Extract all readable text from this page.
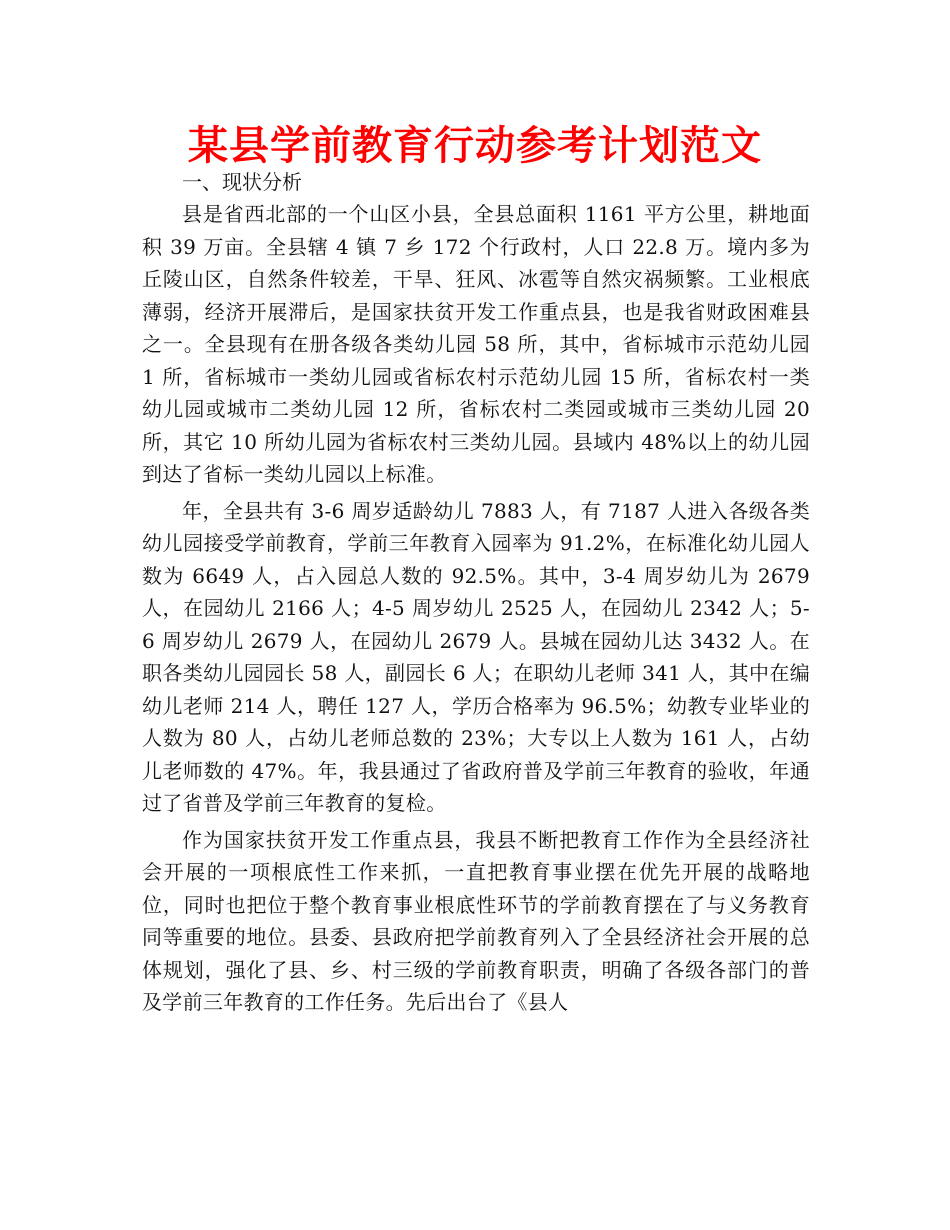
某县学前教育行动参考计划范文

一、现状分析

县是省西北部的一个山区小县，全县总面积 1161 平方公里，耕地面积 39 万亩。全县辖 4 镇 7 乡 172 个行政村，人口 22.8 万。境内多为丘陵山区，自然条件较差，干旱、狂风、冰雹等自然灾祸频繁。工业根底薄弱，经济开展滞后，是国家扶贫开发工作重点县，也是我省财政困难县之一。全县现有在册各级各类幼儿园 58 所，其中，省标城市示范幼儿园 1 所，省标城市一类幼儿园或省标农村示范幼儿园 15 所，省标农村一类幼儿园或城市二类幼儿园 12 所，省标农村二类园或城市三类幼儿园 20 所，其它 10 所幼儿园为省标农村三类幼儿园。县域内 48%以上的幼儿园到达了省标一类幼儿园以上标准。

年，全县共有 3-6 周岁适龄幼儿 7883 人，有 7187 人进入各级各类幼儿园接受学前教育，学前三年教育入园率为 91.2%，在标准化幼儿园人数为 6649 人，占入园总人数的 92.5%。其中，3-4 周岁幼儿为 2679 人，在园幼儿 2166 人；4-5 周岁幼儿 2525 人，在园幼儿 2342 人；5-6 周岁幼儿 2679 人，在园幼儿 2679 人。县城在园幼儿达 3432 人。在职各类幼儿园园长 58 人，副园长 6 人；在职幼儿老师 341 人，其中在编幼儿老师 214 人，聘任 127 人，学历合格率为 96.5%；幼教专业毕业的人数为 80 人，占幼儿老师总数的 23%；大专以上人数为 161 人，占幼儿老师数的 47%。年，我县通过了省政府普及学前三年教育的验收，年通过了省普及学前三年教育的复检。

作为国家扶贫开发工作重点县，我县不断把教育工作作为全县经济社会开展的一项根底性工作来抓，一直把教育事业摆在优先开展的战略地位，同时也把位于整个教育事业根底性环节的学前教育摆在了与义务教育同等重要的地位。县委、县政府把学前教育列入了全县经济社会开展的总体规划，强化了县、乡、村三级的学前教育职责，明确了各级各部门的普及学前三年教育的工作任务。先后出台了《县人
